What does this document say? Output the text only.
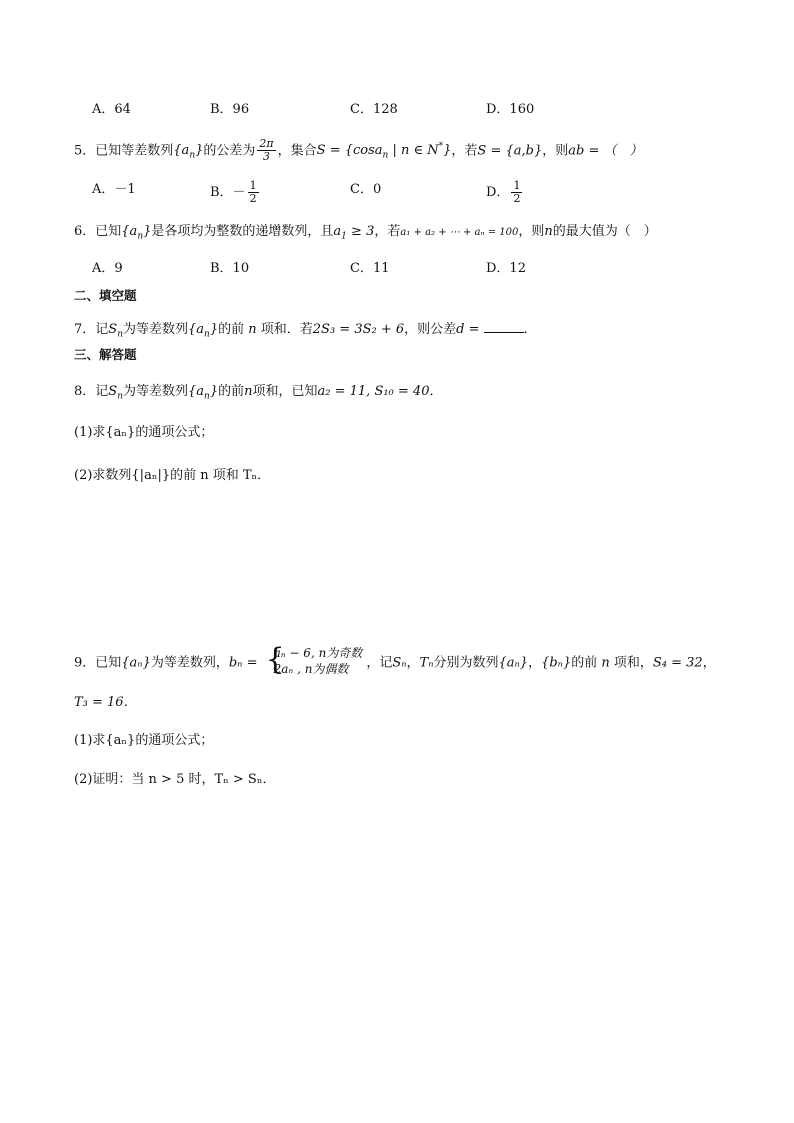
A．64	B．96	C．128	D．160
5．已知等差数列$\{a_n\}$的公差为 $\frac{2\pi}{3}$ ，集合S = {cosa$_n$ | n ∈ N*}，若S = {a,b}，则ab = （　）
A．－1	B．－ $\frac{1}{2}$	C．0	D． $\frac{1}{2}$
6．已知$\{a_n\}$是各项均为整数的递增数列，且$a_1 \ge 3$，若a₁ + a₂ + ⋯ + aₙ = 100，则n的最大值为（　）
A．9	B．10	C．11	D．12
二、填空题
7．记$S_n$为等差数列$\{a_n\}$的前 n 项和．若2S₃ = 3S₂ + 6，则公差d =	．
三、解答题
8．记$S_n$为等差数列$\{a_n\}$的前n项和，已知a₂ = 11, S₁₀ = 40．
(1)求{aₙ}的通项公式；
(2)求数列{|aₙ|}的前 n 项和 Tₙ．
9．已知{aₙ}为等差数列，bₙ = {
aₙ − 6, n为奇数
2aₙ , n为偶数	，记Sₙ，Tₙ分别为数列{aₙ}，{bₙ}的前 n 项和，S₄ = 32，
T₃ = 16．
(1)求{aₙ}的通项公式；
(2)证明：当 n > 5 时，Tₙ > Sₙ．
